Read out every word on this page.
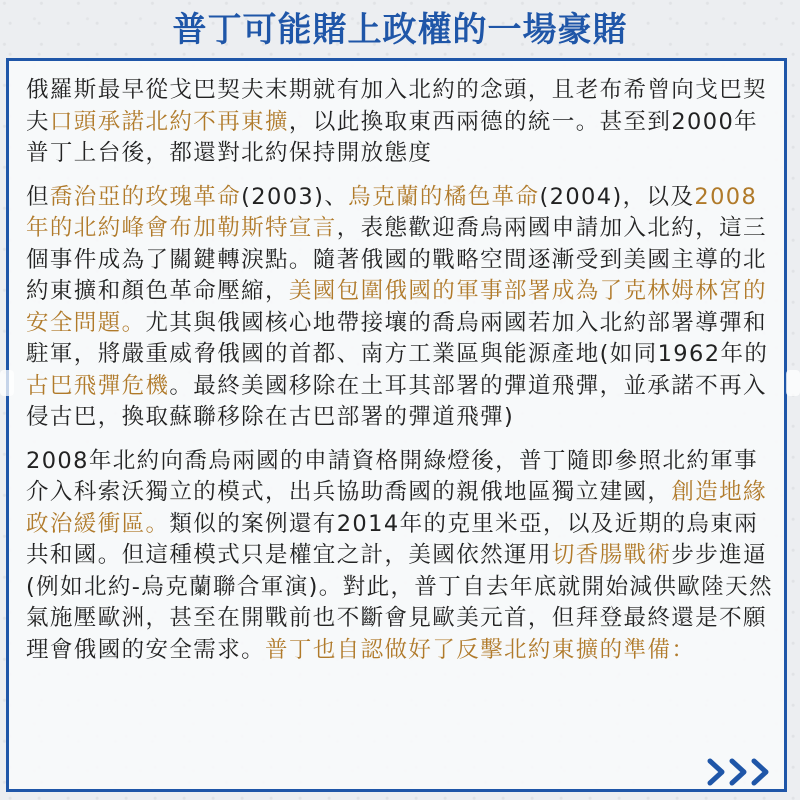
普丁可能賭上政權的一場豪賭

俄羅斯最早從戈巴契夫末期就有加入北約的念頭，且老布希曾向戈巴契夫口頭承諾北約不再東擴，以此換取東西兩德的統一。甚至到2000年普丁上台後，都還對北約保持開放態度

但喬治亞的玫瑰革命(2003)、烏克蘭的橘色革命(2004)，以及2008年的北約峰會布加勒斯特宣言，表態歡迎喬烏兩國申請加入北約，這三個事件成為了關鍵轉淚點。隨著俄國的戰略空間逐漸受到美國主導的北約東擴和顏色革命壓縮，美國包圍俄國的軍事部署成為了克林姆林宮的安全問題。尤其與俄國核心地帶接壤的喬烏兩國若加入北約部署導彈和駐軍，將嚴重威脅俄國的首都、南方工業區與能源產地(如同1962年的古巴飛彈危機。最終美國移除在土耳其部署的彈道飛彈，並承諾不再入侵古巴，換取蘇聯移除在古巴部署的彈道飛彈)

2008年北約向喬烏兩國的申請資格開綠燈後，普丁隨即參照北約軍事介入科索沃獨立的模式，出兵協助喬國的親俄地區獨立建國，創造地緣政治緩衝區。類似的案例還有2014年的克里米亞，以及近期的烏東兩共和國。但這種模式只是權宜之計，美國依然運用切香腸戰術步步進逼(例如北約-烏克蘭聯合軍演)。對此，普丁自去年底就開始減供歐陸天然氣施壓歐洲，甚至在開戰前也不斷會見歐美元首，但拜登最終還是不願理會俄國的安全需求。普丁也自認做好了反擊北約東擴的準備：
